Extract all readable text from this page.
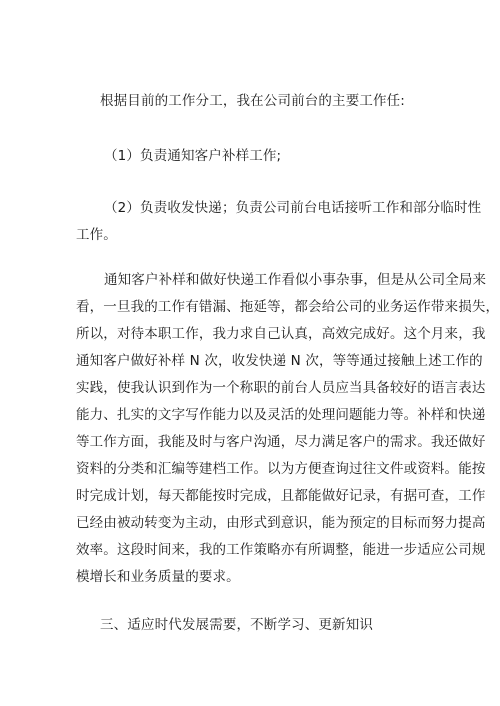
根据目前的工作分工，我在公司前台的主要工作任:

（1）负责通知客户补样工作;

（2）负责收发快递；负责公司前台电话接听工作和部分临时性
工作。

通知客户补样和做好快递工作看似小事杂事，但是从公司全局来
看，一旦我的工作有错漏、拖延等，都会给公司的业务运作带来损失，
所以，对待本职工作，我力求自己认真，高效完成好。这个月来，我
通知客户做好补样 N 次，收发快递 N 次，等等通过接触上述工作的
实践，使我认识到作为一个称职的前台人员应当具备较好的语言表达
能力、扎实的文字写作能力以及灵活的处理问题能力等。补样和快递
等工作方面，我能及时与客户沟通，尽力满足客户的需求。我还做好
资料的分类和汇编等建档工作。以为方便查询过往文件或资料。能按
时完成计划，每天都能按时完成，且都能做好记录，有据可查，工作
已经由被动转变为主动，由形式到意识，能为预定的目标而努力提高
效率。这段时间来，我的工作策略亦有所调整，能进一步适应公司规
模增长和业务质量的要求。

三、适应时代发展需要，不断学习、更新知识
